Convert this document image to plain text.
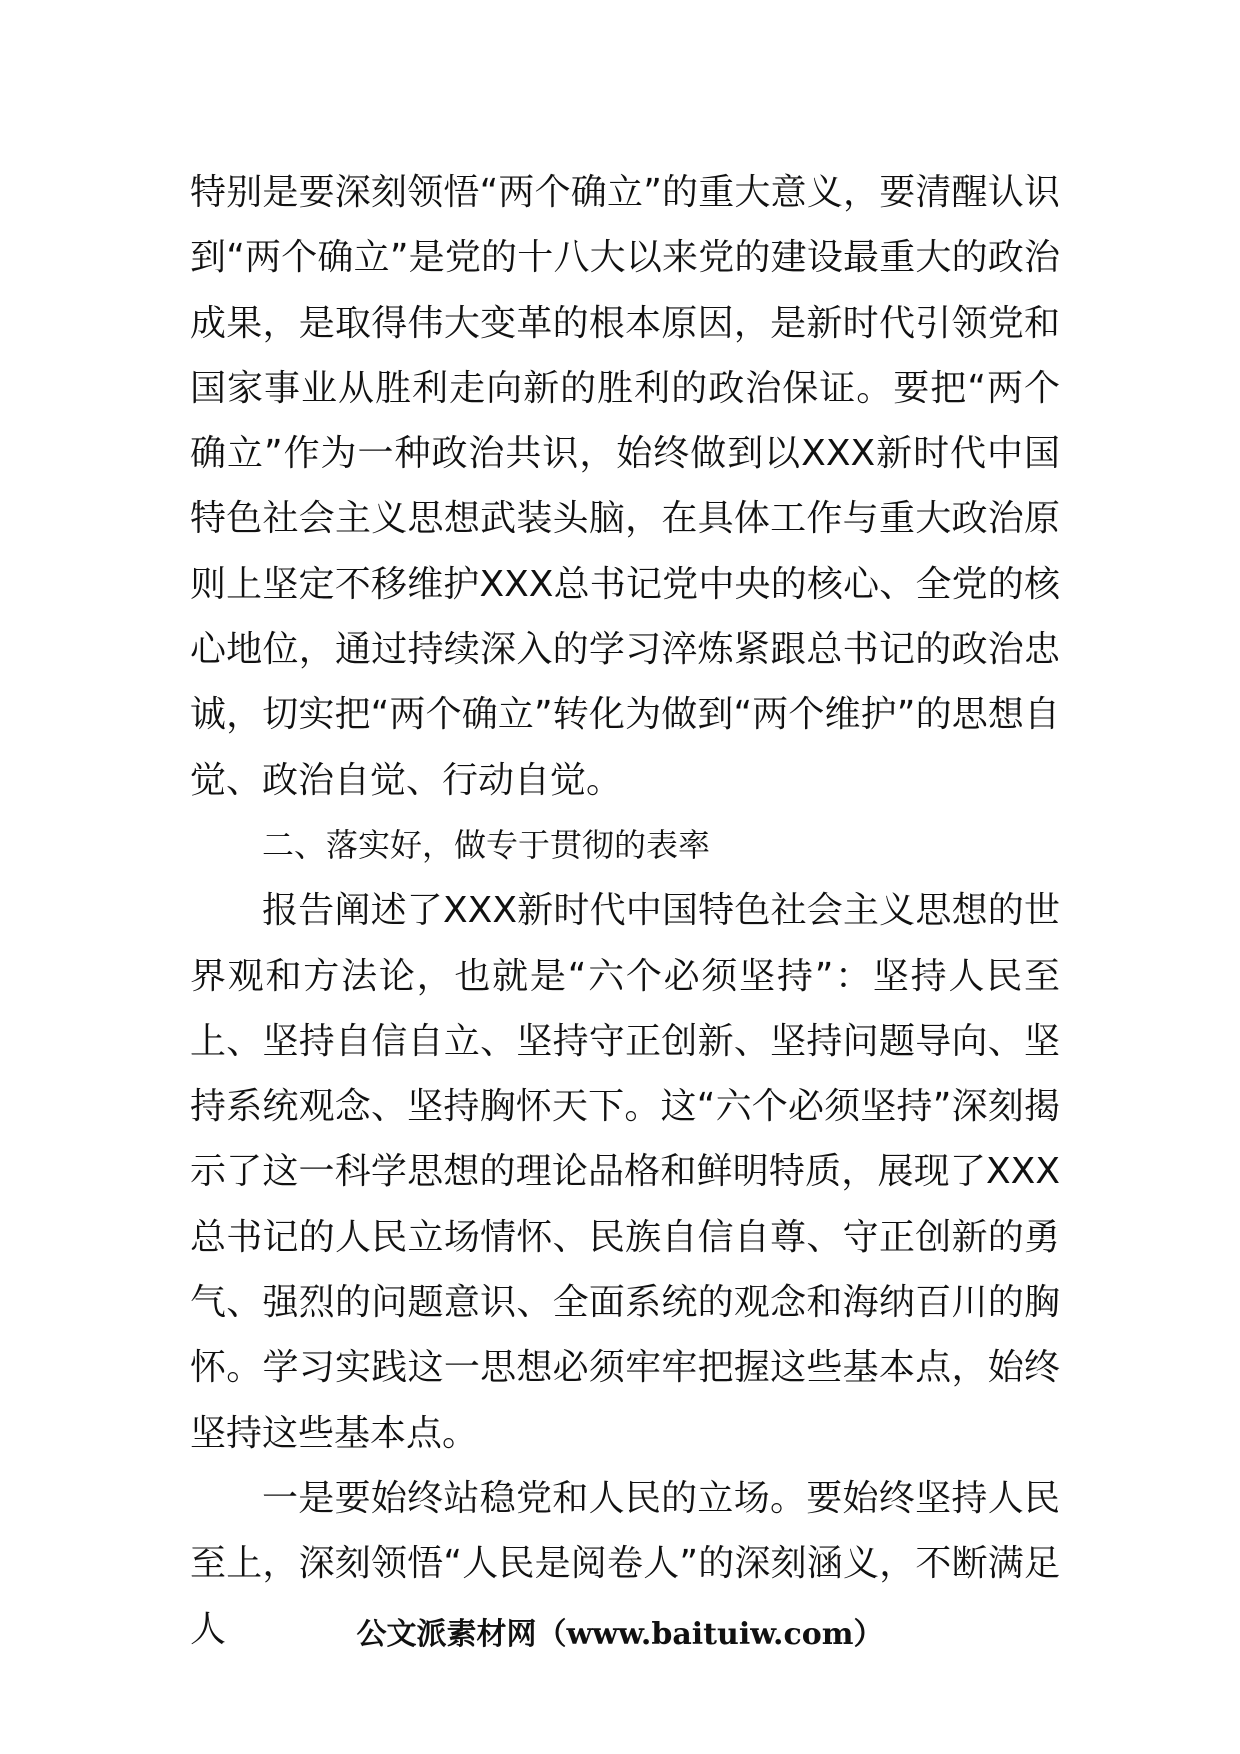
特别是要深刻领悟“两个确立”的重大意义，要清醒认识到“两个确立”是党的十八大以来党的建设最重大的政治成果，是取得伟大变革的根本原因，是新时代引领党和国家事业从胜利走向新的胜利的政治保证。要把“两个确立”作为一种政治共识，始终做到以XXX新时代中国特色社会主义思想武装头脑，在具体工作与重大政治原则上坚定不移维护XXX总书记党中央的核心、全党的核心地位，通过持续深入的学习淬炼紧跟总书记的政治忠诚，切实把“两个确立”转化为做到“两个维护”的思想自觉、政治自觉、行动自觉。

二、落实好，做专于贯彻的表率

报告阐述了XXX新时代中国特色社会主义思想的世界观和方法论，也就是“六个必须坚持”：坚持人民至上、坚持自信自立、坚持守正创新、坚持问题导向、坚持系统观念、坚持胸怀天下。这“六个必须坚持”深刻揭示了这一科学思想的理论品格和鲜明特质，展现了XXX总书记的人民立场情怀、民族自信自尊、守正创新的勇气、强烈的问题意识、全面系统的观念和海纳百川的胸怀。学习实践这一思想必须牢牢把握这些基本点，始终坚持这些基本点。

一是要始终站稳党和人民的立场。要始终坚持人民至上，深刻领悟“人民是阅卷人”的深刻涵义，不断满足人	公文派素材网（www.baituiw.com）
